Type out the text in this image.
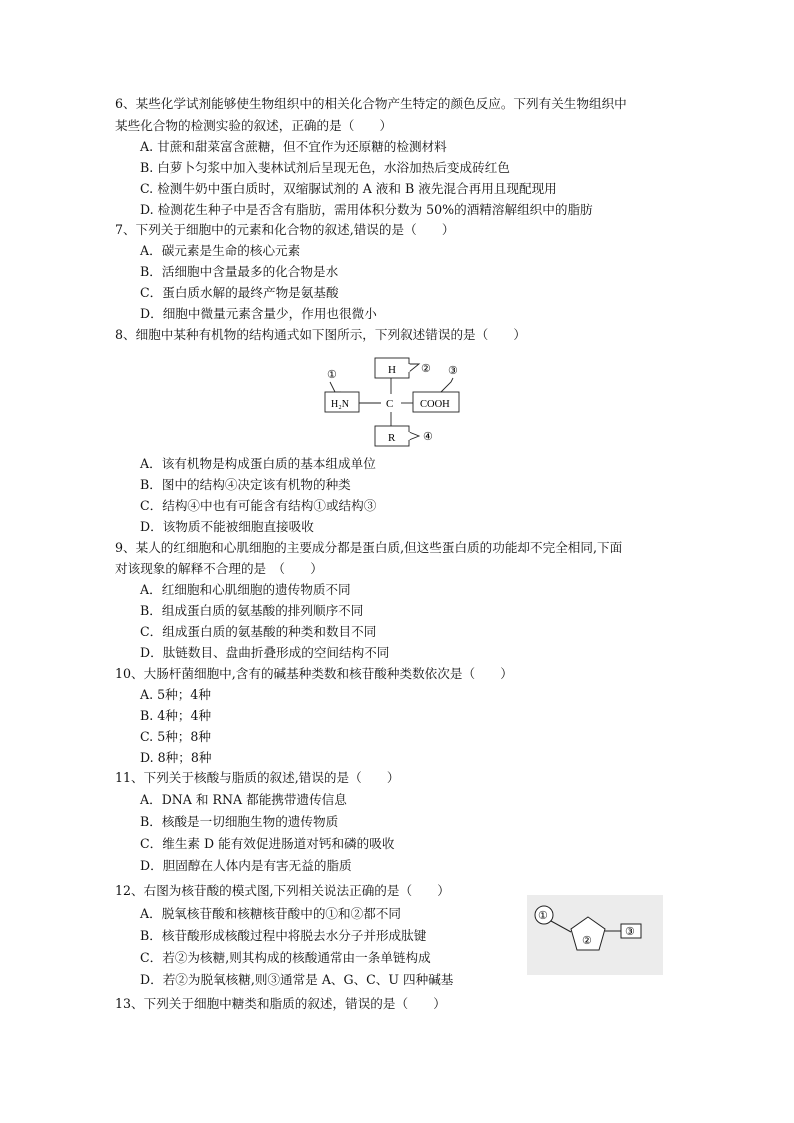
6、某些化学试剂能够使生物组织中的相关化合物产生特定的颜色反应。下列有关生物组织中
某些化合物的检测实验的叙述，正确的是（　　）
A. 甘蔗和甜菜富含蔗糖，但不宜作为还原糖的检测材料
B. 白萝卜匀浆中加入斐林试剂后呈现无色，水浴加热后变成砖红色
C. 检测牛奶中蛋白质时，双缩脲试剂的 A 液和 B 液先混合再用且现配现用
D. 检测花生种子中是否含有脂肪，需用体积分数为 50%的酒精溶解组织中的脂肪
7、下列关于细胞中的元素和化合物的叙述,错误的是（　　）
A．碳元素是生命的核心元素
B．活细胞中含量最多的化合物是水
C．蛋白质水解的最终产物是氨基酸
D．细胞中微量元素含量少，作用也很微小
8、细胞中某种有机物的结构通式如下图所示，下列叙述错误的是（　　）
H ② ③
C
①
H₂N	COOH
R	④
A．该有机物是构成蛋白质的基本组成单位
B．图中的结构④决定该有机物的种类
C．结构④中也有可能含有结构①或结构③
D．该物质不能被细胞直接吸收
9、某人的红细胞和心肌细胞的主要成分都是蛋白质,但这些蛋白质的功能却不完全相同,下面
对该现象的解释不合理的是　（　　）
A．红细胞和心肌细胞的遗传物质不同
B．组成蛋白质的氨基酸的排列顺序不同
C．组成蛋白质的氨基酸的种类和数目不同
D．肽链数目、盘曲折叠形成的空间结构不同
10、大肠杆菌细胞中,含有的碱基种类数和核苷酸种类数依次是（　　）
A. 5种；4种
B. 4种；4种
C. 5种；8种
D. 8种；8种
11、下列关于核酸与脂质的叙述,错误的是（　　）
A．DNA 和 RNA 都能携带遗传信息
B．核酸是一切细胞生物的遗传物质
C．维生素 D 能有效促进肠道对钙和磷的吸收
D．胆固醇在人体内是有害无益的脂质
12、右图为核苷酸的模式图,下列相关说法正确的是（　　）
A．脱氧核苷酸和核糖核苷酸中的①和②都不同
B．核苷酸形成核酸过程中将脱去水分子并形成肽键
C．若②为核糖,则其构成的核酸通常由一条单链构成
D．若②为脱氧核糖,则③通常是 A、G、C、U 四种碱基
①
②
③
13、下列关于细胞中糖类和脂质的叙述，错误的是（　　）
